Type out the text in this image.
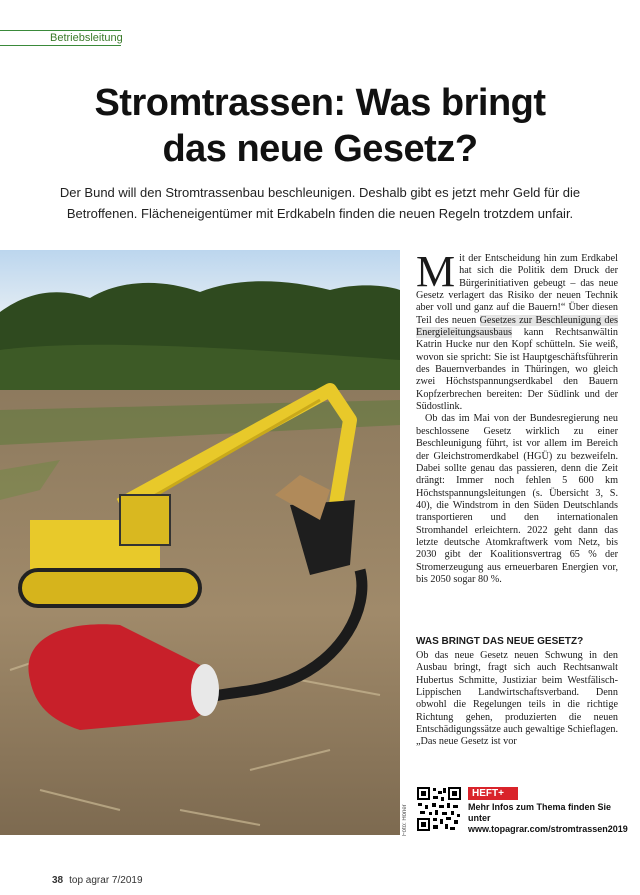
Betriebsleitung
Stromtrassen: Was bringt
das neue Gesetz?
Der Bund will den Stromtrassenbau beschleunigen. Deshalb gibt es jetzt mehr Geld für die
Betroffenen. Flächeneigentümer mit Erdkabeln finden die neuen Regeln trotzdem unfair.
Foto: Höner

Mit der Entscheidung hin zum Erdkabel hat sich die Politik dem Druck der Bürgerinitiativen gebeugt – das neue Gesetz verlagert das Risiko der neuen Technik aber voll und ganz auf die Bauern!“ Über diesen Teil des neuen Gesetzes zur Beschleunigung des Energieleitungsausbaus kann Rechtsanwältin Katrin Hucke nur den Kopf schütteln. Sie weiß, wovon sie spricht: Sie ist Hauptgeschäftsführerin des Bauernverbandes in Thüringen, wo gleich zwei Höchstspannungserdkabel den Bauern Kopfzerbrechen bereiten: Der Südlink und der Südostlink.

Ob das im Mai von der Bundesregierung neu beschlossene Gesetz wirklich zu einer Beschleunigung führt, ist vor allem im Bereich der Gleichstromerdkabel (HGÜ) zu bezweifeln. Dabei sollte genau das passieren, denn die Zeit drängt: Immer noch fehlen 5 600 km Höchstspannungsleitungen (s. Übersicht 3, S. 40), die Windstrom in den Süden Deutschlands transportieren und den internationalen Stromhandel erleichtern. 2022 geht dann das letzte deutsche Atomkraftwerk vom Netz, bis 2030 gibt der Koalitionsvertrag 65 % der Stromerzeugung aus erneuerbaren Energien vor, bis 2050 sogar 80 %.

WAS BRINGT DAS NEUE GESETZ?

Ob das neue Gesetz neuen Schwung in den Ausbau bringt, fragt sich auch Rechtsanwalt Hubertus Schmitte, Justiziar beim Westfälisch-Lippischen Landwirtschaftsverband. Denn obwohl die Regelungen teils in die richtige Richtung gehen, produzierten die neuen Entschädigungssätze auch gewaltige Schieflagen. „Das neue Gesetz ist vor

HEFT+
Mehr Infos zum Thema finden Sie unter www.topagrar.com/stromtrassen2019
38 top agrar 7/2019
